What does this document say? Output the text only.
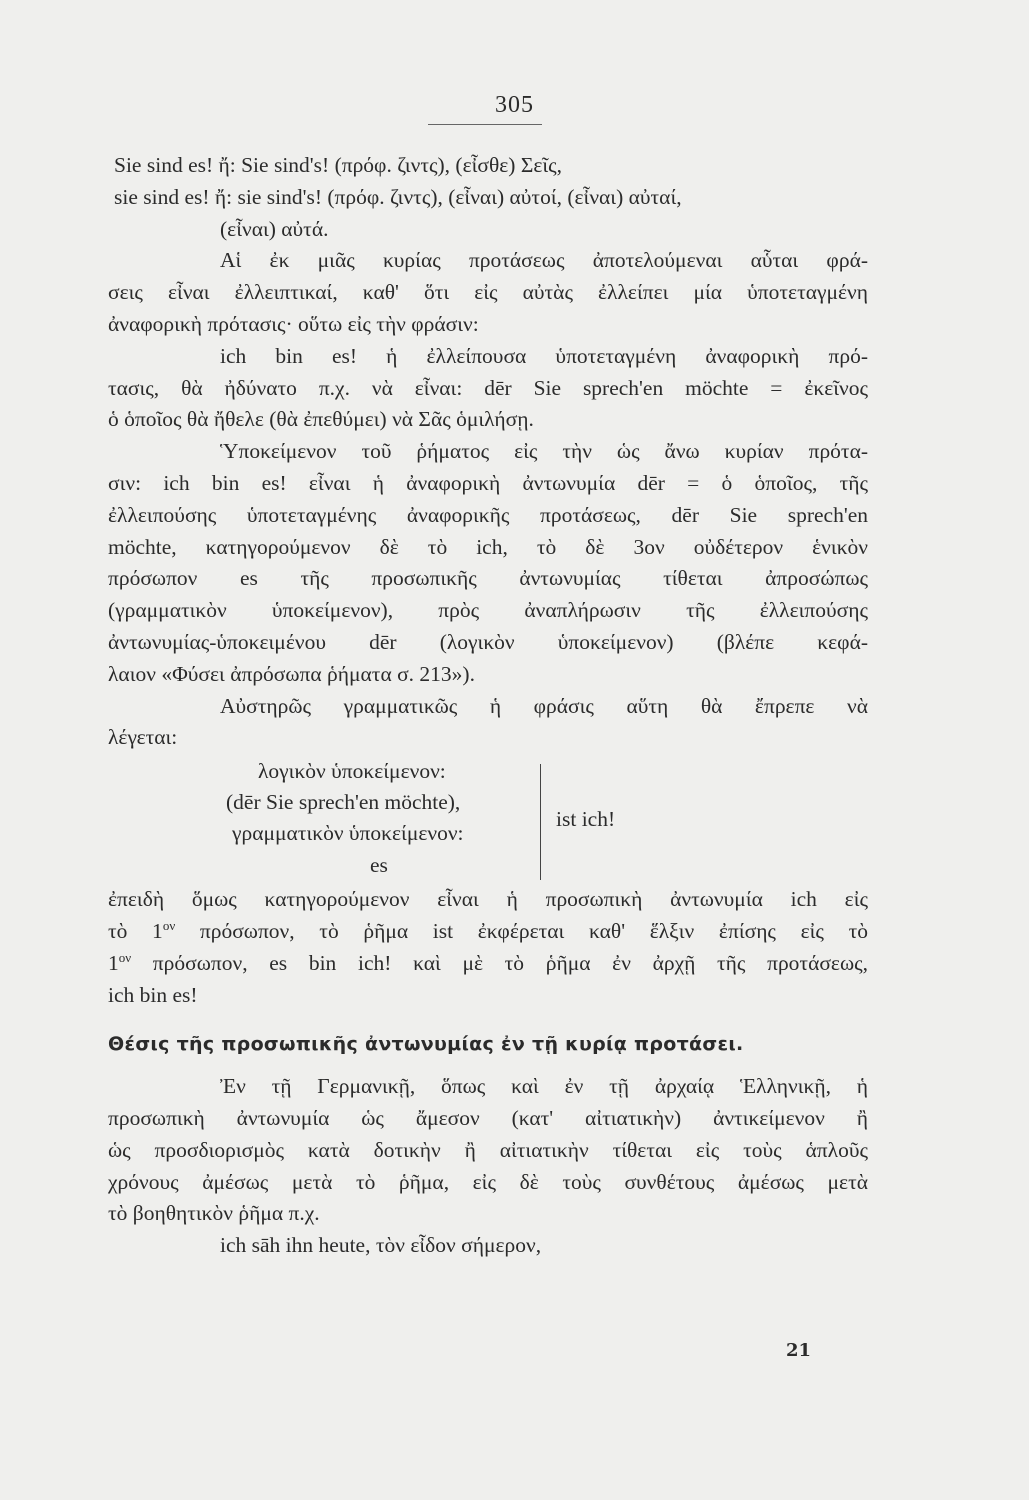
305
Sie sind es! ἤ: Sie sind's! (πρόφ. ζιντς), (εἶσθε) Σεῖς,
sie sind es! ἤ: sie sind's! (πρόφ. ζιντς), (εἶναι) αὐτοί, (εἶναι) αὐταί,
(εἶναι) αὐτά.
Αἱ ἐκ μιᾶς κυρίας προτάσεως ἀποτελούμεναι αὗται φρά-
σεις εἶναι ἐλλειπτικαί, καθ' ὅτι εἰς αὐτὰς ἐλλείπει μία ὑποτεταγμένη
ἀναφορικὴ πρότασις· οὕτω εἰς τὴν φράσιν:
ich bin es! ἡ ἐλλείπουσα ὑποτεταγμένη ἀναφορικὴ πρό-
τασις, θὰ ἠδύνατο π.χ. νὰ εἶναι: dēr Sie sprech'en möchte = ἐκεῖνος
ὁ ὁποῖος θὰ ἤθελε (θὰ ἐπεθύμει) νὰ Σᾶς ὁμιλήσῃ.
Ὑποκείμενον τοῦ ῥήματος εἰς τὴν ὡς ἄνω κυρίαν πρότα-
σιν: ich bin es! εἶναι ἡ ἀναφορικὴ ἀντωνυμία dēr = ὁ ὁποῖος, τῆς
ἐλλειπούσης ὑποτεταγμένης ἀναφορικῆς προτάσεως, dēr Sie sprech'en
möchte, κατηγορούμενον δὲ τὸ ich, τὸ δὲ 3ον οὐδέτερον ἑνικὸν
πρόσωπον es τῆς προσωπικῆς ἀντωνυμίας τίθεται ἀπροσώπως
(γραμματικὸν ὑποκείμενον), πρὸς ἀναπλήρωσιν τῆς ἐλλειπούσης
ἀντωνυμίας-ὑποκειμένου dēr (λογικὸν ὑποκείμενον) (βλέπε κεφά-
λαιον «Φύσει ἀπρόσωπα ῥήματα σ. 213»).
Αὐστηρῶς γραμματικῶς ἡ φράσις αὕτη θὰ ἔπρεπε νὰ
λέγεται:
λογικὸν ὑποκείμενον:
(dēr Sie sprech'en möchte),
γραμματικὸν ὑποκείμενον:
es
ist ich!
ἐπειδὴ ὅμως κατηγορούμενον εἶναι ἡ προσωπικὴ ἀντωνυμία ich εἰς
τὸ $1^{o\nu}$ πρόσωπον, τὸ ῥῆμα ist ἐκφέρεται καθ' ἕλξιν ἐπίσης εἰς τὸ
$1^{o\nu}$ πρόσωπον, es bin ich! καὶ μὲ τὸ ῥῆμα ἐν ἀρχῇ τῆς προτάσεως,
ich bin es!
Θέσις τῆς προσωπικῆς ἀντωνυμίας ἐν τῇ κυρίᾳ προτάσει.
Ἐν τῇ Γερμανικῇ, ὅπως καὶ ἐν τῇ ἀρχαίᾳ Ἑλληνικῇ, ἡ
προσωπικὴ ἀντωνυμία ὡς ἄμεσον (κατ' αἰτιατικὴν) ἀντικείμενον ἢ
ὡς προσδιορισμὸς κατὰ δοτικὴν ἢ αἰτιατικὴν τίθεται εἰς τοὺς ἁπλοῦς
χρόνους ἀμέσως μετὰ τὸ ῥῆμα, εἰς δὲ τοὺς συνθέτους ἀμέσως μετὰ
τὸ βοηθητικὸν ῥῆμα π.χ.
ich sāh ihn heute, τὸν εἶδον σήμερον,
21
